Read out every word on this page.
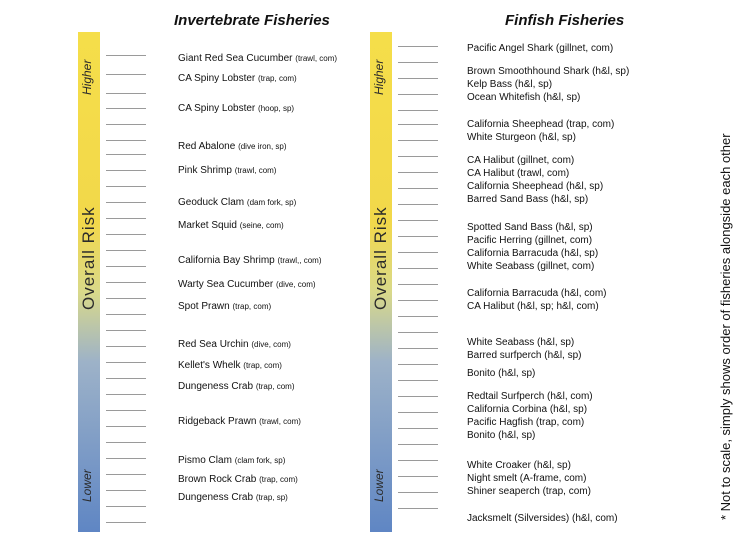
Invertebrate Fisheries	Finfish Fisheries
Higher
Overall Risk
Lower
Higher
Overall Risk
Lower
Giant Red Sea Cucumber (trawl, com)
CA Spiny Lobster (trap, com)
CA Spiny Lobster (hoop, sp)
Red Abalone (dive iron, sp)
Pink Shrimp (trawl, com)
Geoduck Clam (dam fork, sp)
Market Squid (seine, com)
California Bay Shrimp (trawl,, com)
Warty Sea Cucumber (dive, com)
Spot Prawn (trap, com)
Red Sea Urchin (dive, com)
Kellet's Whelk (trap, com)
Dungeness Crab (trap, com)
Ridgeback Prawn (trawl, com)
Pismo Clam (clam fork, sp)
Brown Rock Crab (trap, com)
Dungeness Crab (trap, sp)
Pacific Angel Shark (gillnet, com)
Brown Smoothhound Shark (h&l, sp)
Kelp Bass (h&l, sp)
Ocean Whitefish (h&l, sp)
California Sheephead (trap, com)
White Sturgeon (h&l, sp)
CA Halibut (gillnet, com)
CA Halibut (trawl, com)
California Sheephead (h&l, sp)
Barred Sand Bass (h&l, sp)
Spotted Sand Bass (h&l, sp)
Pacific Herring (gillnet, com)
California Barracuda (h&l, sp)
White Seabass (gillnet, com)
California Barracuda (h&l, com)
CA Halibut (h&l, sp; h&l, com)
White Seabass (h&l, sp)
Barred surfperch (h&l, sp)
Bonito (h&l, sp)
Redtail Surfperch (h&l, com)
California Corbina (h&l, sp)
Pacific Hagfish (trap, com)
Bonito (h&l, sp)
White Croaker (h&l, sp)
Night smelt (A-frame, com)
Shiner seaperch (trap, com)
Jacksmelt (Silversides) (h&l, com)	* Not to scale, simply shows order of fisheries alongside each other
